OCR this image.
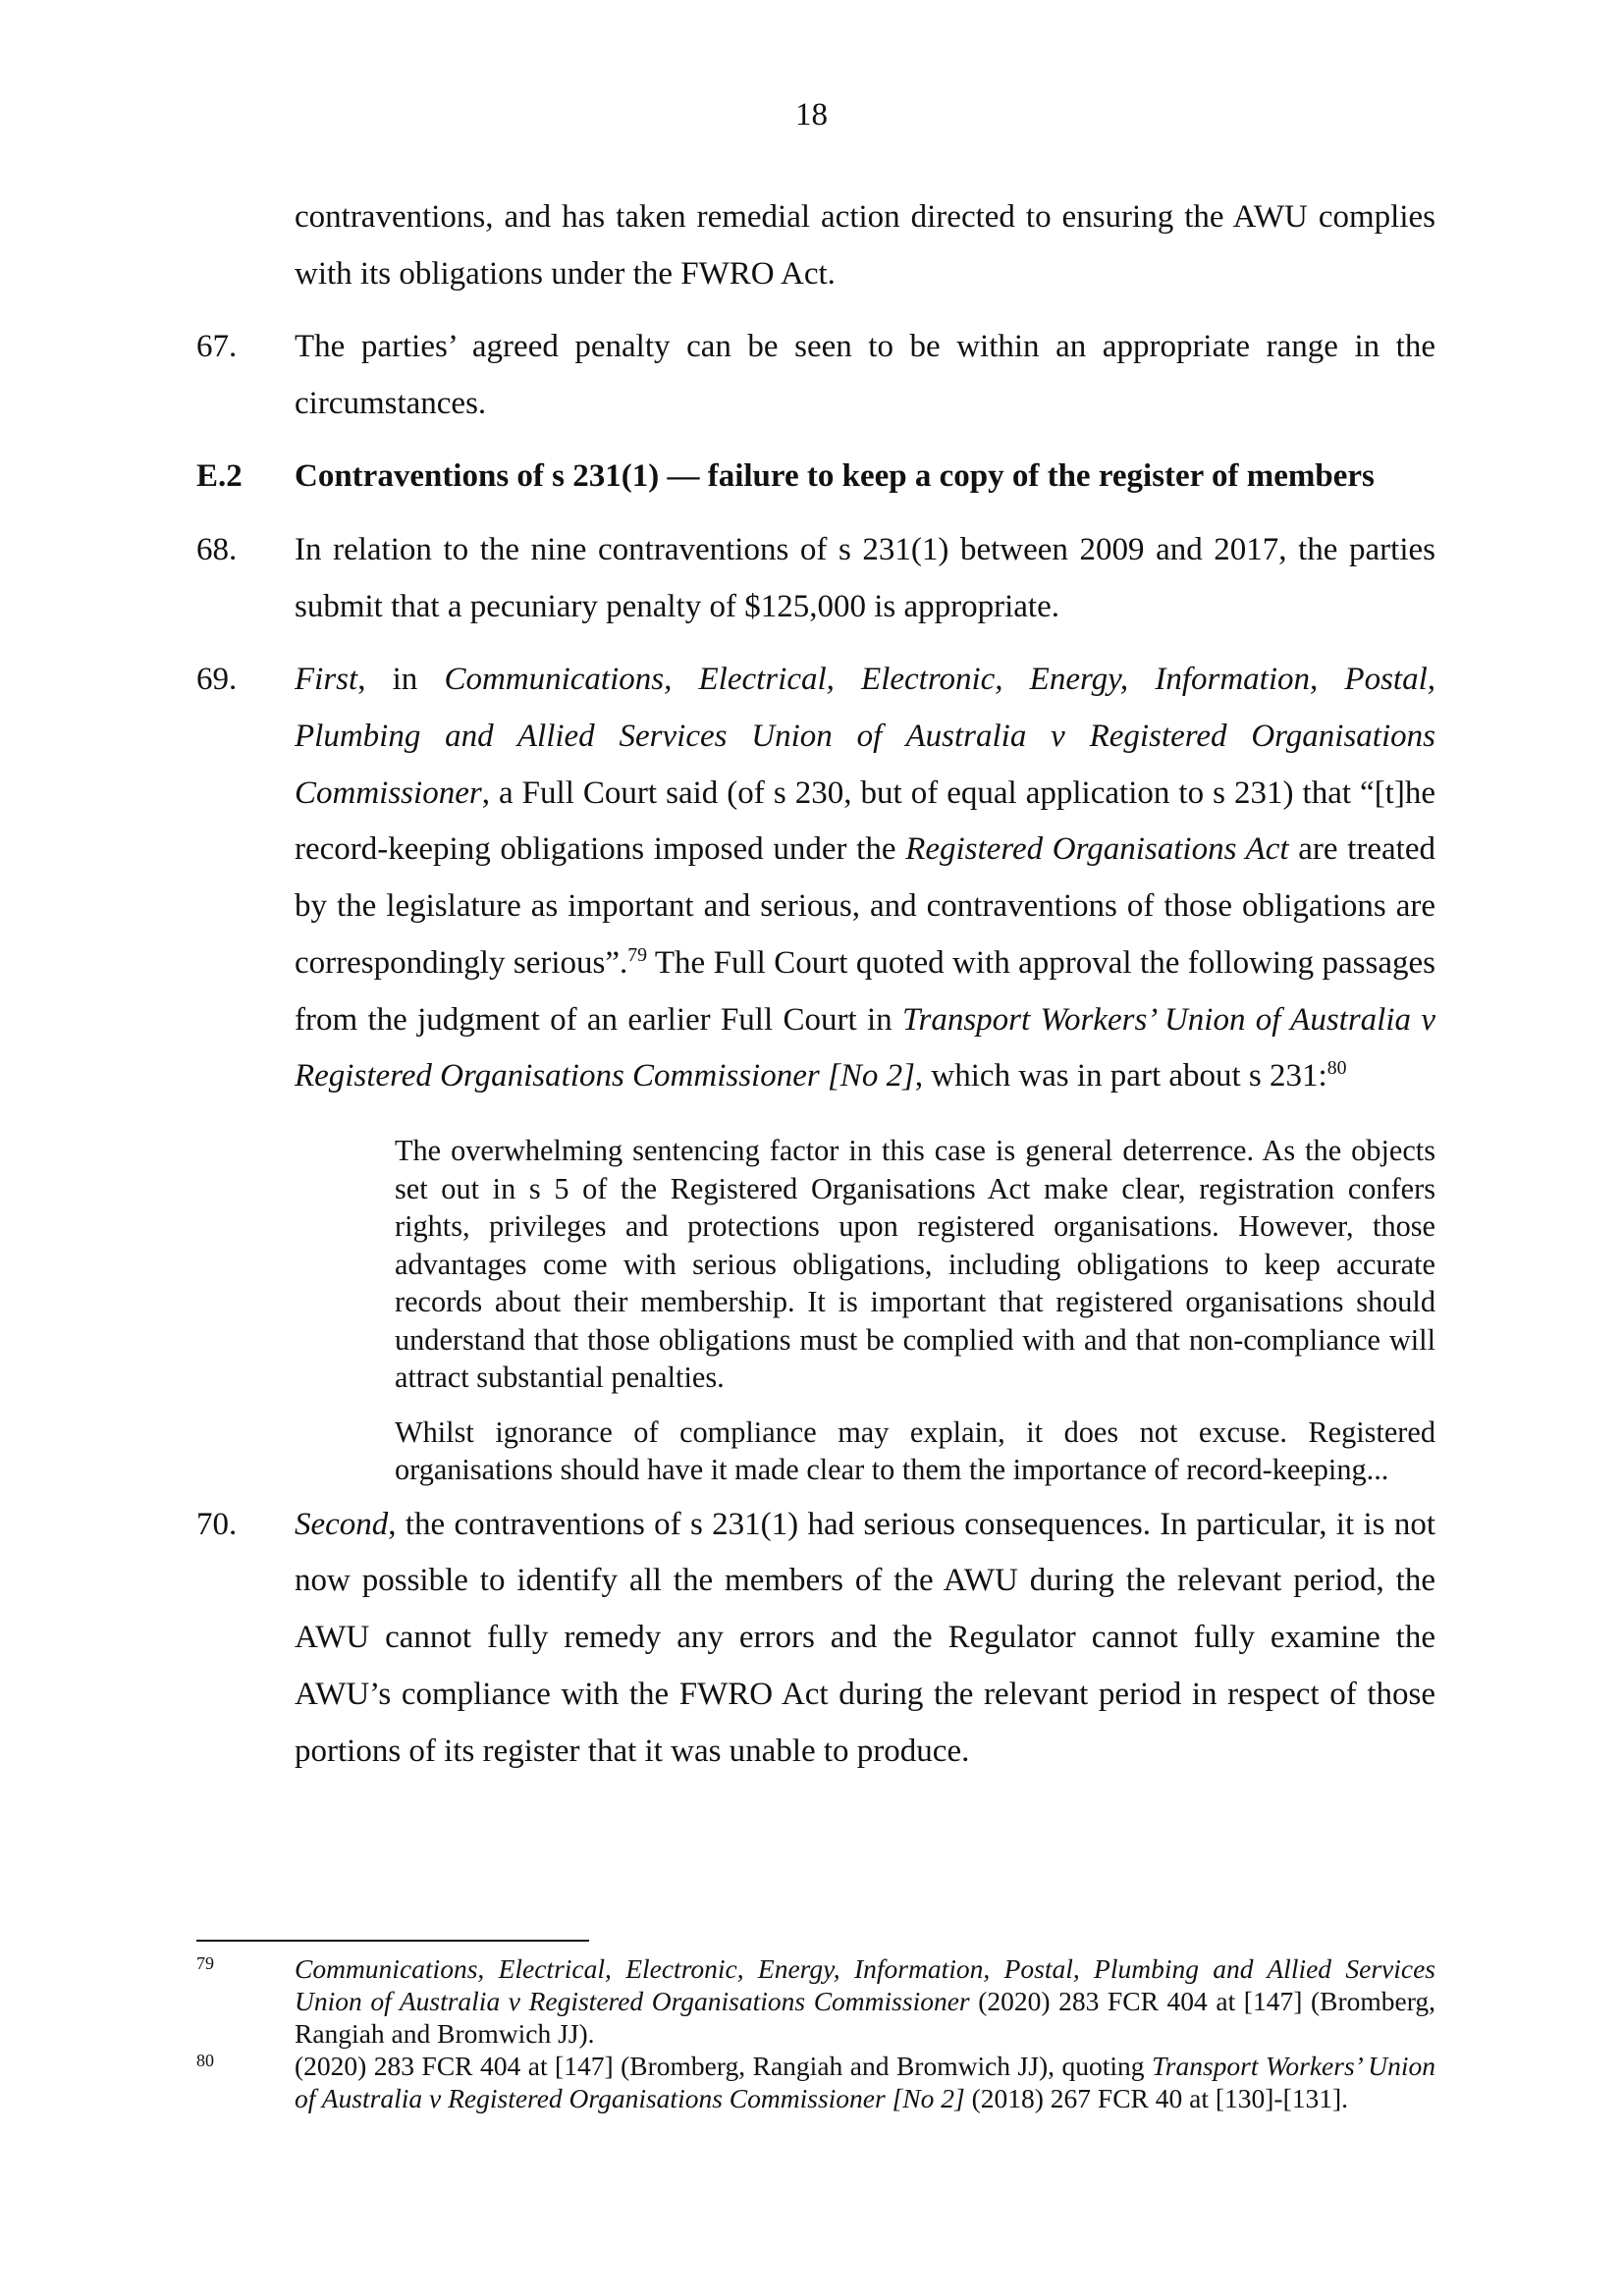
18
contraventions, and has taken remedial action directed to ensuring the AWU complies with its obligations under the FWRO Act.
67.	The parties’ agreed penalty can be seen to be within an appropriate range in the circumstances.
E.2	Contraventions of s 231(1) — failure to keep a copy of the register of members
68.	In relation to the nine contraventions of s 231(1) between 2009 and 2017, the parties submit that a pecuniary penalty of $125,000 is appropriate.
69.	First, in Communications, Electrical, Electronic, Energy, Information, Postal, Plumbing and Allied Services Union of Australia v Registered Organisations Commissioner, a Full Court said (of s 230, but of equal application to s 231) that “[t]he record-keeping obligations imposed under the Registered Organisations Act are treated by the legislature as important and serious, and contraventions of those obligations are correspondingly serious”.$^{79}$ The Full Court quoted with approval the following passages from the judgment of an earlier Full Court in Transport Workers’ Union of Australia v Registered Organisations Commissioner [No 2], which was in part about s 231:$^{80}$

The overwhelming sentencing factor in this case is general deterrence. As the objects set out in s 5 of the Registered Organisations Act make clear, registration confers rights, privileges and protections upon registered organisations. However, those advantages come with serious obligations, including obligations to keep accurate records about their membership. It is important that registered organisations should understand that those obligations must be complied with and that non-compliance will attract substantial penalties.

Whilst ignorance of compliance may explain, it does not excuse. Registered organisations should have it made clear to them the importance of record-keeping...

70.	Second, the contraventions of s 231(1) had serious consequences. In particular, it is not now possible to identify all the members of the AWU during the relevant period, the AWU cannot fully remedy any errors and the Regulator cannot fully examine the AWU’s compliance with the FWRO Act during the relevant period in respect of those portions of its register that it was unable to produce.
79	Communications, Electrical, Electronic, Energy, Information, Postal, Plumbing and Allied Services Union of Australia v Registered Organisations Commissioner (2020) 283 FCR 404 at [147] (Bromberg, Rangiah and Bromwich JJ).
80	(2020) 283 FCR 404 at [147] (Bromberg, Rangiah and Bromwich JJ), quoting Transport Workers’ Union of Australia v Registered Organisations Commissioner [No 2] (2018) 267 FCR 40 at [130]-[131].
